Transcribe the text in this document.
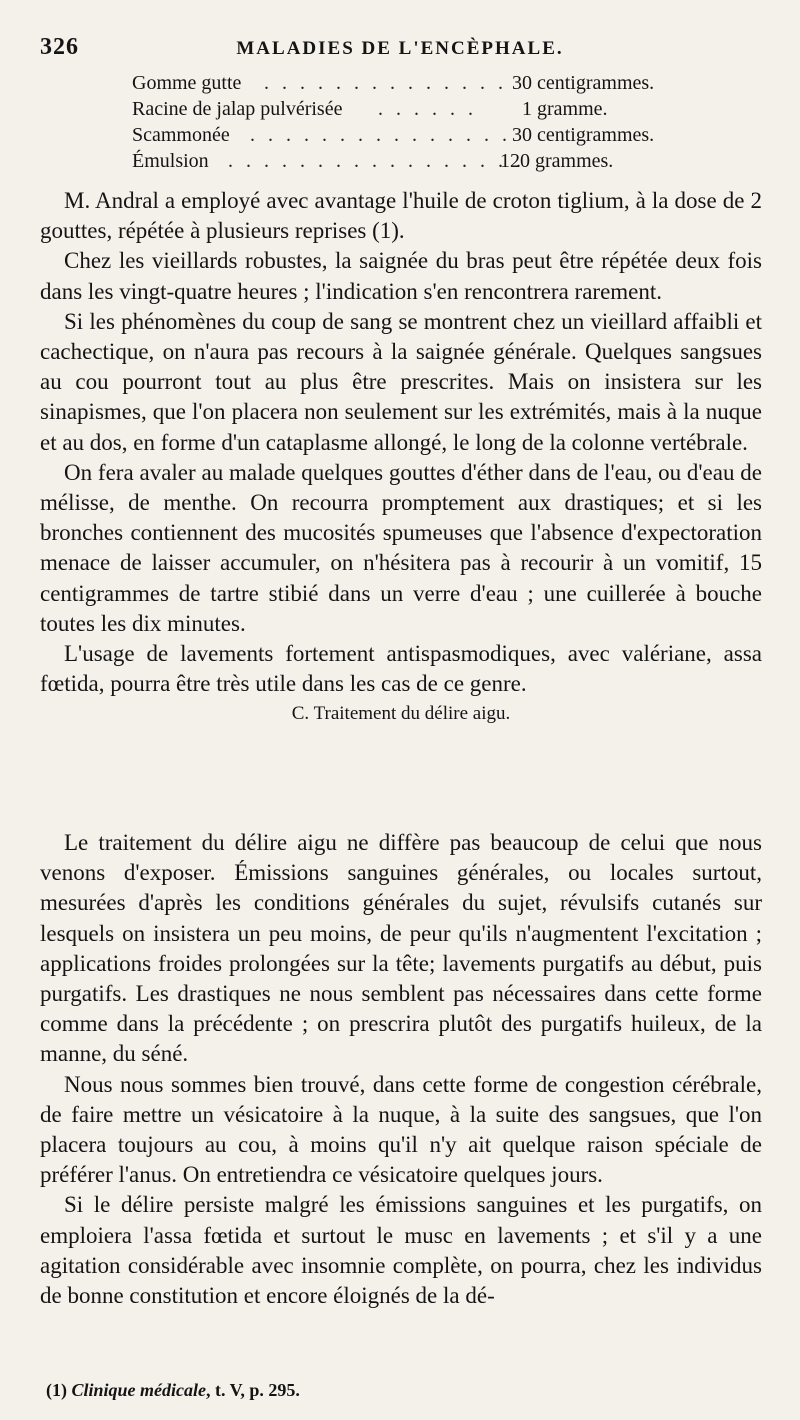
326	MALADIES DE L'ENCÈPHALE.
Gomme gutte . . . . . . . . . . . . . . 30 centigrammes.
Racine de jalap pulvérisée . . . . . . 1 gramme.
Scammonée . . . . . . . . . . . . . . . 30 centigrammes.
Émulsion . . . . . . . . . . . . . . . . .
120 grammes.

M. Andral a employé avec avantage l'huile de croton tiglium, à la dose de 2 gouttes, répétée à plusieurs reprises (1).

Chez les vieillards robustes, la saignée du bras peut être répétée deux fois dans les vingt-quatre heures ; l'indication s'en rencontrera rarement.

Si les phénomènes du coup de sang se montrent chez un vieillard affaibli et cachectique, on n'aura pas recours à la saignée générale. Quelques sangsues au cou pourront tout au plus être prescrites. Mais on insistera sur les sinapismes, que l'on placera non seulement sur les extrémités, mais à la nuque et au dos, en forme d'un cataplasme allongé, le long de la colonne vertébrale.

On fera avaler au malade quelques gouttes d'éther dans de l'eau, ou d'eau de mélisse, de menthe. On recourra promptement aux drastiques; et si les bronches contiennent des mucosités spumeuses que l'absence d'expectoration menace de laisser accumuler, on n'hésitera pas à recourir à un vomitif, 15 centigrammes de tartre stibié dans un verre d'eau ; une cuillerée à bouche toutes les dix minutes.

L'usage de lavements fortement antispasmodiques, avec valériane, assa fœtida, pourra être très utile dans les cas de ce genre.

C. Traitement du délire aigu.

Le traitement du délire aigu ne diffère pas beaucoup de celui que nous venons d'exposer. Émissions sanguines générales, ou locales surtout, mesurées d'après les conditions générales du sujet, révulsifs cutanés sur lesquels on insistera un peu moins, de peur qu'ils n'augmentent l'excitation ; applications froides prolongées sur la tête; lavements purgatifs au début, puis purgatifs. Les drastiques ne nous semblent pas nécessaires dans cette forme comme dans la précédente ; on prescrira plutôt des purgatifs huileux, de la manne, du séné.

Nous nous sommes bien trouvé, dans cette forme de congestion cérébrale, de faire mettre un vésicatoire à la nuque, à la suite des sangsues, que l'on placera toujours au cou, à moins qu'il n'y ait quelque raison spéciale de préférer l'anus. On entretiendra ce vésicatoire quelques jours.

Si le délire persiste malgré les émissions sanguines et les purgatifs, on emploiera l'assa fœtida et surtout le musc en lavements ; et s'il y a une agitation considérable avec insomnie complète, on pourra, chez les individus de bonne constitution et encore éloignés de la dé-

(1) Clinique médicale, t. V, p. 295.
